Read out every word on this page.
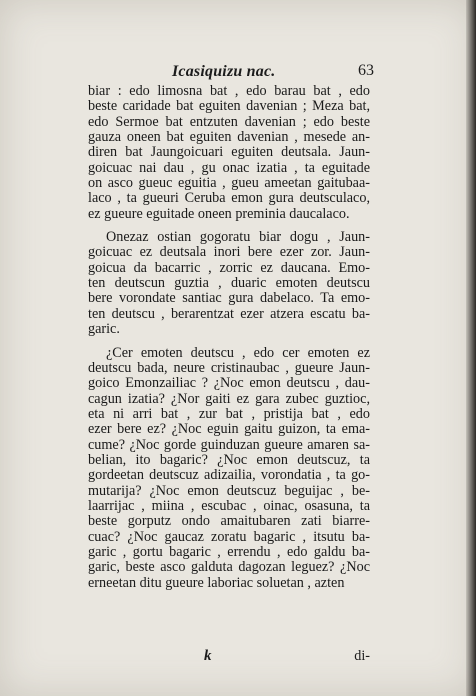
Icasiquizu nac.	63
biar : edo limosna bat , edo barau bat , edo
beste caridade bat eguiten davenian ; Meza bat,
edo Sermoe bat entzuten davenian ; edo beste
gauza oneen bat eguiten davenian , mesede an-
diren bat Jaungoicuari eguiten deutsala. Jaun-
goicuac nai dau , gu onac izatia , ta eguitade
on asco gueuc eguitia , gueu ameetan gaitubaa-
laco , ta gueuri Ceruba emon gura deutsculaco,
ez gueure eguitade oneen preminia daucalaco.
Onezaz ostian gogoratu biar dogu , Jaun-
goicuac ez deutsala inori bere ezer zor. Jaun-
goicua da bacarric , zorric ez daucana. Emo-
ten deutscun guztia , duaric emoten deutscu
bere vorondate santiac gura dabelaco. Ta emo-
ten deutscu , berarentzat ezer atzera escatu ba-
garic.
¿Cer emoten deutscu , edo cer emoten ez
deutscu bada, neure cristinaubac , gueure Jaun-
goico Emonzailiac ? ¿Noc emon deutscu , dau-
cagun izatia? ¿Nor gaiti ez gara zubec guztioc,
eta ni arri bat , zur bat , pristija bat , edo
ezer bere ez? ¿Noc eguin gaitu guizon, ta ema-
cume? ¿Noc gorde guinduzan gueure amaren sa-
belian, ito bagaric? ¿Noc emon deutscuz, ta
gordeetan deutscuz adizailia, vorondatia , ta go-
mutarija? ¿Noc emon deutscuz beguijac , be-
laarrijac , miina , escubac , oinac, osasuna, ta
beste gorputz ondo amaitubaren zati biarre-
cuac? ¿Noc gaucaz zoratu bagaric , itsutu ba-
garic , gortu bagaric , errendu , edo galdu ba-
garic, beste asco galduta dagozan leguez? ¿Noc
erneetan ditu gueure laboriac soluetan , azten
k	di-
